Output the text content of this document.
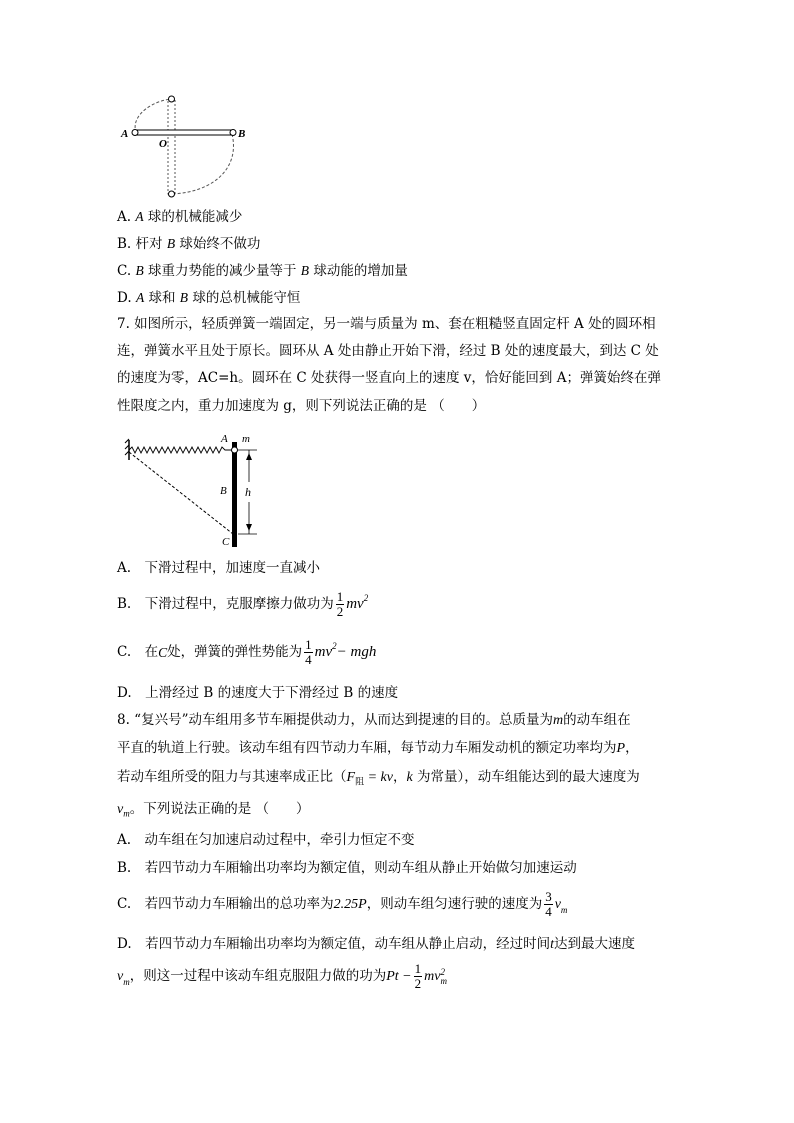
A
O
B
A. A 球的机械能减少
B. 杆对 B 球始终不做功
C. B 球重力势能的减少量等于 B 球动能的增加量
D. A 球和 B 球的总机械能守恒
7. 如图所示，轻质弹簧一端固定，另一端与质量为 m、套在粗糙竖直固定杆 A 处的圆环相
连，弹簧水平且处于原长。圆环从 A 处由静止开始下滑，经过 B 处的速度最大，到达 C 处
的速度为零，AC=h。圆环在 C 处获得一竖直向上的速度 v，恰好能回到 A；弹簧始终在弹
性限度之内，重力加速度为 g，则下列说法正确的是 （　　）
A m
B h
C
A.　下滑过程中，加速度一直减小
B.　下滑过程中，克服摩擦力做功为 $\frac{1}{2} mv^2$
C.　在 C 处，弹簧的弹性势能为 $\frac{1}{4} mv^2$ − mgh
D.　上滑经过 B 的速度大于下滑经过 B 的速度
8. “复兴号”动车组用多节车厢提供动力，从而达到提速的目的。总质量为m的动车组在
平直的轨道上行驶。该动车组有四节动力车厢，每节动力车厢发动机的额定功率均为P，
若动车组所受的阻力与其速率成正比（$F_阻$ = kv，k 为常量），动车组能达到的最大速度为
$v_m$。下列说法正确的是 （　　）
A.　动车组在匀加速启动过程中，牵引力恒定不变
B.　若四节动力车厢输出功率均为额定值，则动车组从静止开始做匀加速运动
C.　若四节动力车厢输出的总功率为 2.25P ，则动车组匀速行驶的速度为 $\frac{3}{4} v_m$
D.　若四节动力车厢输出功率均为额定值，动车组从静止启动，经过时间t达到最大速度
$v_m$ ，则这一过程中该动车组克服阻力做的功为 $Pt - \frac{1}{2}$ mv 2
m
